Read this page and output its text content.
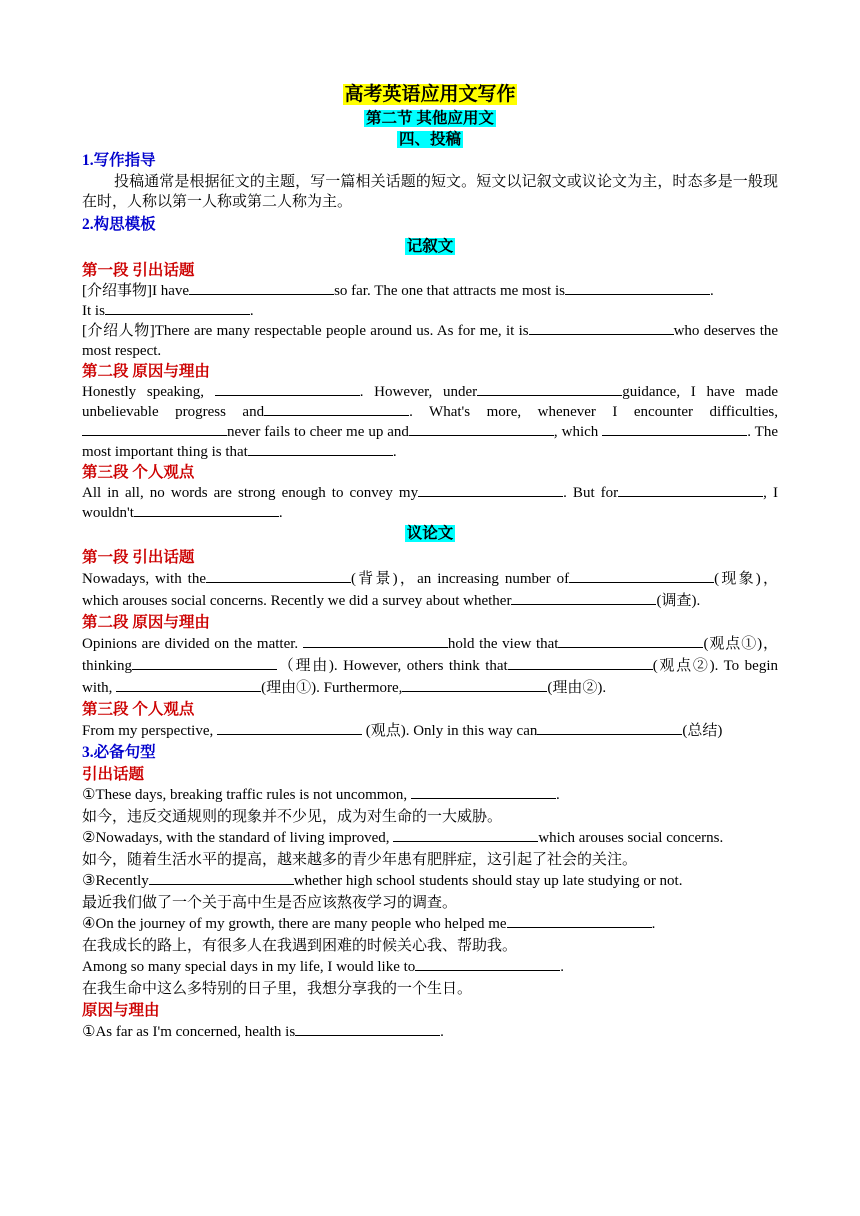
高考英语应用文写作
第二节 其他应用文
四、投稿
1.写作指导

投稿通常是根据征文的主题，写一篇相关话题的短文。短文以记叙文或议论文为主，时态多是一般现在时，人称以第一人称或第二人称为主。

2.构思模板
记叙文
第一段 引出话题

[介绍事物]I have	so far. The one that attracts me most is	.

It is	.

[介绍人物]There are many respectable people around us. As for me, it is	who deserves the most respect.

第二段 原因与理由

Honestly speaking,	. However, under	guidance, I have made unbelievable progress and	. What's more, whenever I encounter difficulties, never fails to cheer me up and	, which	. The most important thing is that	.

第三段 个人观点

All in all, no words are strong enough to convey my	. But for	, I wouldn't	.

议论文
第一段 引出话题

Nowadays, with the	(背景)，an increasing number of	(现象)，which arouses social concerns. Recently we did a survey about whether	(调查).

第二段 原因与理由

Opinions are divided on the matter.	hold the view that	(观点①)，thinking	（理由). However, others think that	(观点②). To begin with,	(理由①). Furthermore,	(理由②).

第三段 个人观点

From my perspective,	(观点). Only in this way can	(总结)

3.必备句型
引出话题

①These days, breaking traffic rules is not uncommon,	.

如今，违反交通规则的现象并不少见，成为对生命的一大威胁。

②Nowadays, with the standard of living improved,	which arouses social concerns.

如今，随着生活水平的提高，越来越多的青少年患有肥胖症，这引起了社会的关注。

③Recently	whether high school students should stay up late studying or not.

最近我们做了一个关于高中生是否应该熬夜学习的调查。

④On the journey of my growth, there are many people who helped me	.

在我成长的路上，有很多人在我遇到困难的时候关心我、帮助我。

Among so many special days in my life, I would like to	.

在我生命中这么多特别的日子里，我想分享我的一个生日。

原因与理由

①As far as I'm concerned, health is	.
